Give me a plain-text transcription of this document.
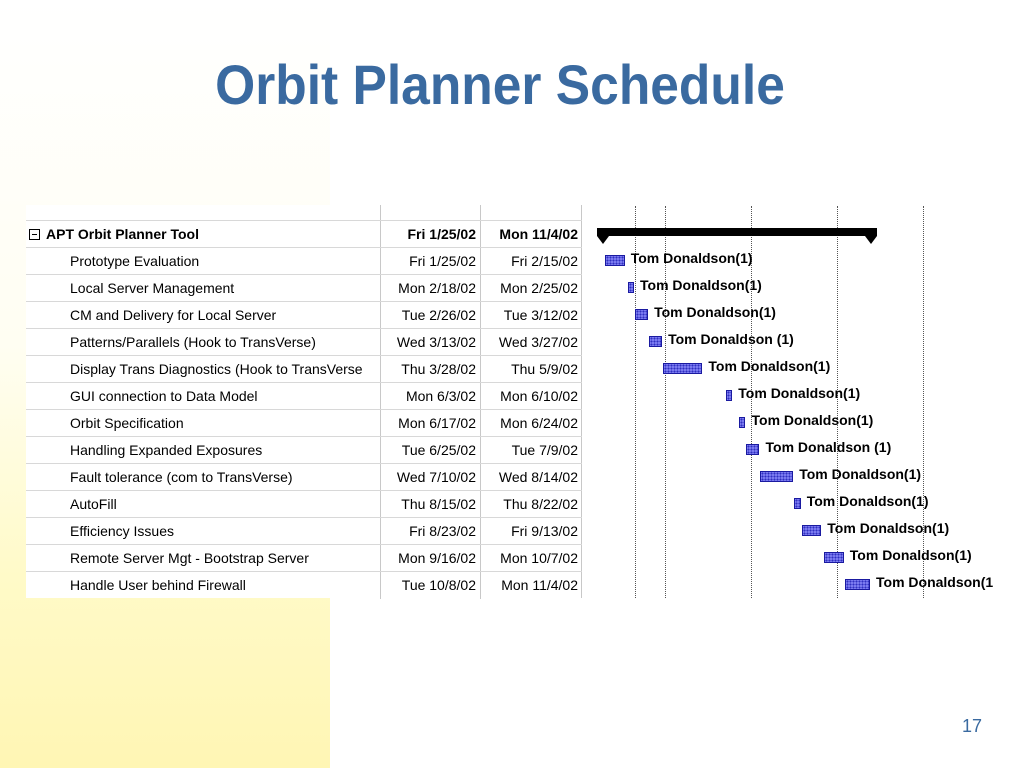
Orbit Planner Schedule
APT Orbit Planner Tool	Fri 1/25/02	Mon 11/4/02
Prototype Evaluation	Fri 1/25/02	Fri 2/15/02
Local Server Management	Mon 2/18/02	Mon 2/25/02
CM and Delivery for Local Server	Tue 2/26/02	Tue 3/12/02
Patterns/Parallels (Hook to TransVerse)	Wed 3/13/02	Wed 3/27/02
Display Trans Diagnostics (Hook to TransVerse	Thu 3/28/02	Thu 5/9/02
GUI connection to Data Model	Mon 6/3/02	Mon 6/10/02
Orbit Specification	Mon 6/17/02	Mon 6/24/02
Handling Expanded Exposures	Tue 6/25/02	Tue 7/9/02
Fault tolerance (com to TransVerse)	Wed 7/10/02	Wed 8/14/02
AutoFill	Thu 8/15/02	Thu 8/22/02
Efficiency Issues	Fri 8/23/02	Fri 9/13/02
Remote Server Mgt - Bootstrap Server	Mon 9/16/02	Mon 10/7/02
Handle User behind Firewall	Tue 10/8/02	Mon 11/4/02
Tom Donaldson(1)
Tom Donaldson(1)
Tom Donaldson(1)
Tom Donaldson (1)
Tom Donaldson(1)
Tom Donaldson(1)
Tom Donaldson(1)
Tom Donaldson (1)
Tom Donaldson(1)
Tom Donaldson(1)
Tom Donaldson(1)
Tom Donaldson(1)
Tom Donaldson(1
17
